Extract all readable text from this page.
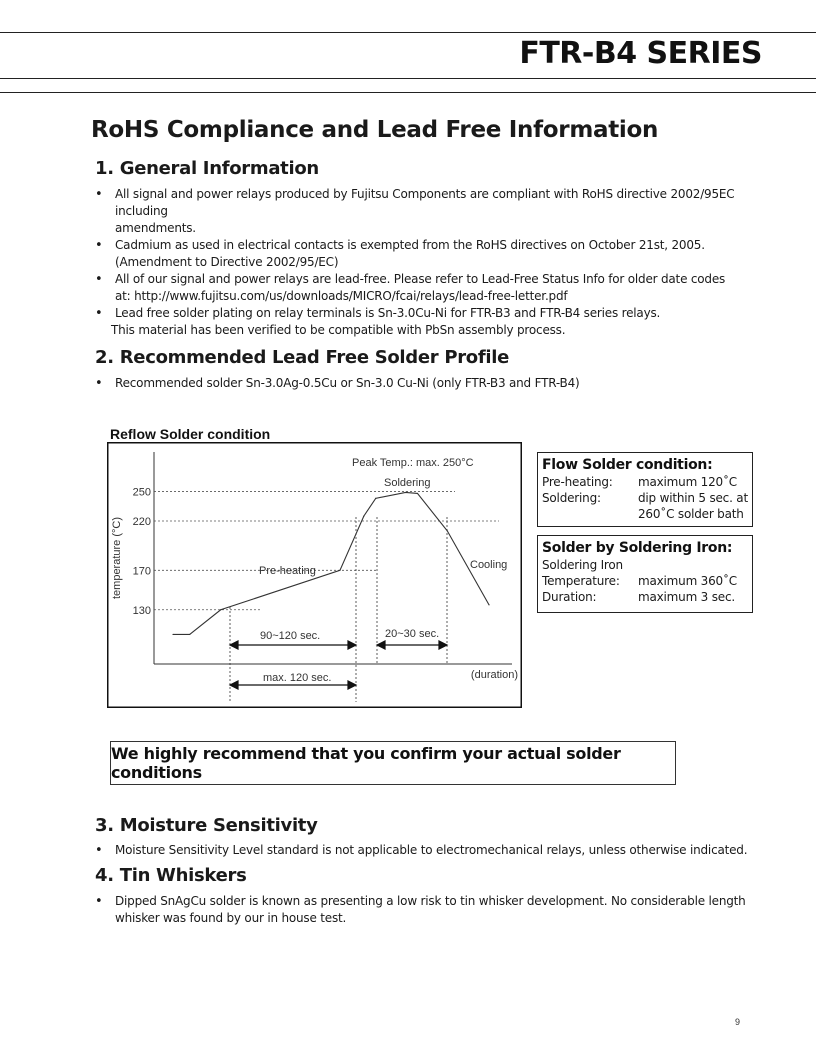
FTR-B4 SERIES
RoHS Compliance and Lead Free Information
1. General Information
• All signal and power relays produced by Fujitsu Components are compliant with RoHS directive 2002/95EC including
amendments.
• Cadmium as used in electrical contacts is exempted from the RoHS directives on October 21st, 2005.
(Amendment to Directive 2002/95/EC)
• All of our signal and power relays are lead-free. Please refer to Lead-Free Status Info for older date codes
at: http://www.fujitsu.com/us/downloads/MICRO/fcai/relays/lead-free-letter.pdf
• Lead free solder plating on relay terminals is Sn-3.0Cu-Ni for FTR-B3 and FTR-B4 series relays.
This material has been verified to be compatible with PbSn assembly process.
2. Recommended Lead Free Solder Profile
• Recommended solder Sn-3.0Ag-0.5Cu or Sn-3.0 Cu-Ni (only FTR-B3 and FTR-B4)
Reflow Solder condition
130
170
220
250
temperature (°C)
(duration)
Peak Temp.: max. 250°C
Soldering
Pre-heating	Cooling
90~120 sec.	20~30 sec.
max. 120 sec.
Flow Solder condition:
Pre-heating:	maximum 120˚C
Soldering:	dip within 5 sec. at
260˚C solder bath
Solder by Soldering Iron:
Soldering Iron
Temperature:	maximum 360˚C
Duration:	maximum 3 sec.
We highly recommend that you confirm your actual solder conditions
3. Moisture Sensitivity
• Moisture Sensitivity Level standard is not applicable to electromechanical relays, unless otherwise indicated.
4. Tin Whiskers
• Dipped SnAgCu solder is known as presenting a low risk to tin whisker development. No considerable length
whisker was found by our in house test.
9
